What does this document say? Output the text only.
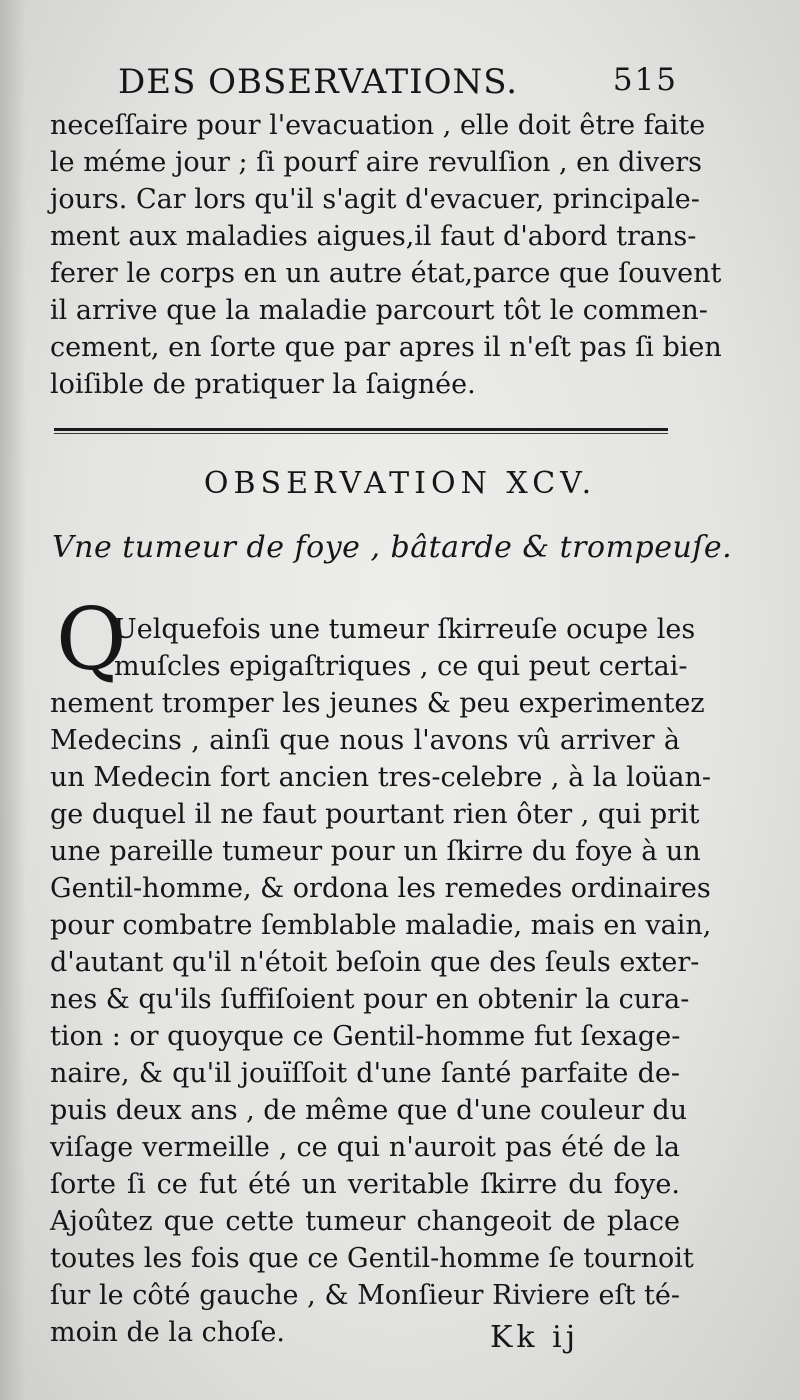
DES OBSERVATIONS.	515
neceſſaire pour l'evacuation , elle doit être faite
le méme jour ; ſi pourf aire revulſion , en divers
jours. Car lors qu'il s'agit d'evacuer, principale-
ment aux maladies aigues,il faut d'abord trans-
ferer le corps en un autre état,parce que ſouvent
il arrive que la maladie parcourt tôt le commen-
cement, en ſorte que par apres il n'eſt pas ſi bien
loiſible de pratiquer la ſaignée.
OBSERVATION XCV.
Vne tumeur de foye , bâtarde & trompeuſe.
Q
Uelquefois une tumeur ſkirreuſe ocupe les
muſcles epigaſtriques , ce qui peut certai-
nement tromper les jeunes & peu experimentez
Medecins , ainſi que nous l'avons vû arriver à
un Medecin fort ancien tres-celebre , à la loüan-
ge duquel il ne faut pourtant rien ôter , qui prit
une pareille tumeur pour un ſkirre du foye à un
Gentil-homme, & ordona les remedes ordinaires
pour combatre ſemblable maladie, mais en vain,
d'autant qu'il n'étoit beſoin que des ſeuls exter-
nes & qu'ils ſuffiſoient pour en obtenir la cura-
tion : or quoyque ce Gentil-homme fut ſexage-
naire, & qu'il jouïſſoit d'une ſanté parfaite de-
puis deux ans , de même que d'une couleur du
viſage vermeille , ce qui n'auroit pas été de la
ſorte ſi ce fut été un veritable ſkirre du foye.
Ajoûtez que cette tumeur changeoit de place
toutes les fois que ce Gentil-homme ſe tournoit
ſur le côté gauche , & Monſieur Riviere eſt té-
moin de la choſe.	Kk ij
